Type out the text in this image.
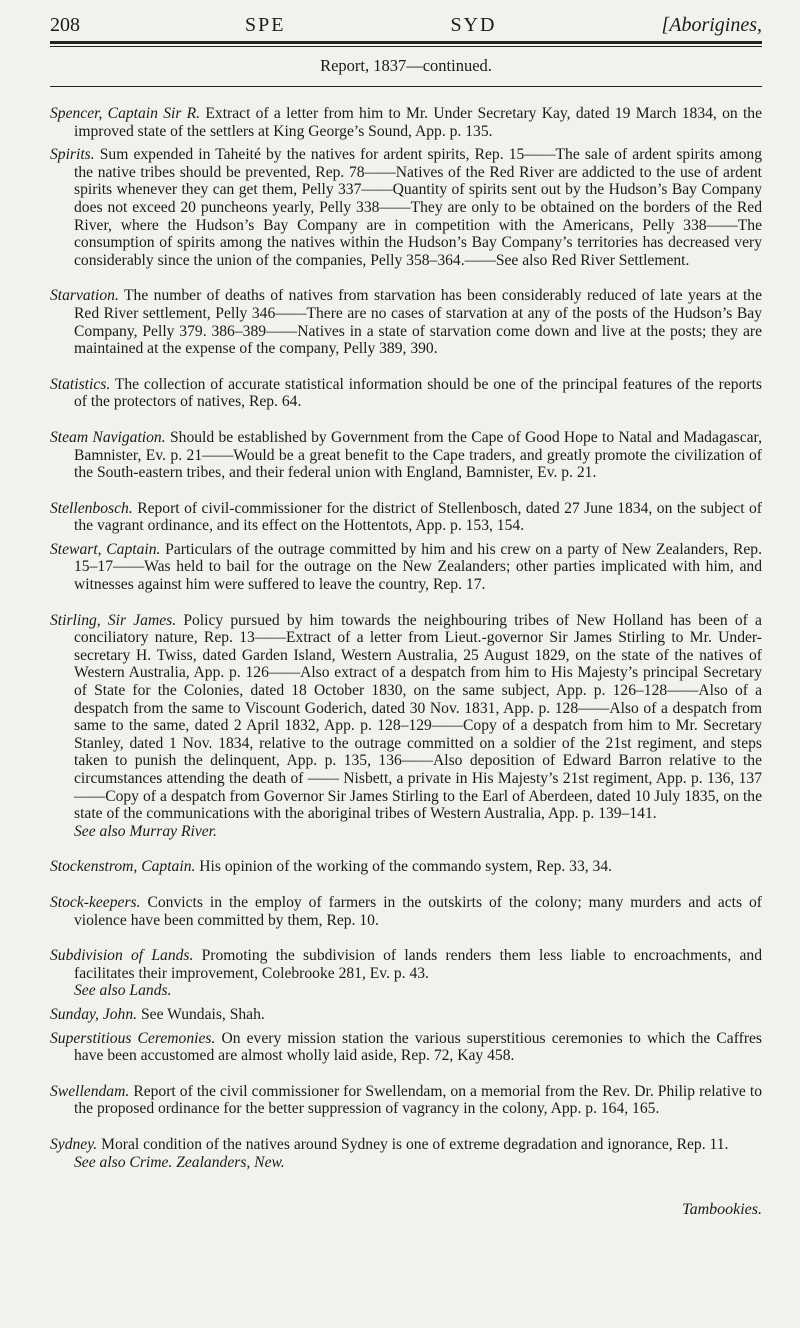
208	SPE	SYD	[Aborigines,
Report, 1837—continued.

Spencer, Captain Sir R. Extract of a letter from him to Mr. Under Secretary Kay, dated 19 March 1834, on the improved state of the settlers at King George’s Sound, App. p. 135.

Spirits. Sum expended in Taheité by the natives for ardent spirits, Rep. 15——The sale of ardent spirits among the native tribes should be prevented, Rep. 78——Natives of the Red River are addicted to the use of ardent spirits whenever they can get them, Pelly 337——Quantity of spirits sent out by the Hudson’s Bay Company does not exceed 20 puncheons yearly, Pelly 338——They are only to be obtained on the borders of the Red River, where the Hudson’s Bay Company are in competition with the Americans, Pelly 338——The consumption of spirits among the natives within the Hudson’s Bay Company’s territories has decreased very considerably since the union of the companies, Pelly 358–364.——See also Red River Settlement.

Starvation. The number of deaths of natives from starvation has been considerably reduced of late years at the Red River settlement, Pelly 346——There are no cases of starvation at any of the posts of the Hudson’s Bay Company, Pelly 379. 386–389——Natives in a state of starvation come down and live at the posts; they are maintained at the expense of the company, Pelly 389, 390.

Statistics. The collection of accurate statistical information should be one of the principal features of the reports of the protectors of natives, Rep. 64.

Steam Navigation. Should be established by Government from the Cape of Good Hope to Natal and Madagascar, Bamnister, Ev. p. 21——Would be a great benefit to the Cape traders, and greatly promote the civilization of the South-eastern tribes, and their federal union with England, Bamnister, Ev. p. 21.

Stellenbosch. Report of civil-commissioner for the district of Stellenbosch, dated 27 June 1834, on the subject of the vagrant ordinance, and its effect on the Hottentots, App. p. 153, 154.

Stewart, Captain. Particulars of the outrage committed by him and his crew on a party of New Zealanders, Rep. 15–17——Was held to bail for the outrage on the New Zealanders; other parties implicated with him, and witnesses against him were suffered to leave the country, Rep. 17.

Stirling, Sir James. Policy pursued by him towards the neighbouring tribes of New Holland has been of a conciliatory nature, Rep. 13——Extract of a letter from Lieut.-governor Sir James Stirling to Mr. Under-secretary H. Twiss, dated Garden Island, Western Australia, 25 August 1829, on the state of the natives of Western Australia, App. p. 126——Also extract of a despatch from him to His Majesty’s principal Secretary of State for the Colonies, dated 18 October 1830, on the same subject, App. p. 126–128——Also of a despatch from the same to Viscount Goderich, dated 30 Nov. 1831, App. p. 128——Also of a despatch from same to the same, dated 2 April 1832, App. p. 128–129——Copy of a despatch from him to Mr. Secretary Stanley, dated 1 Nov. 1834, relative to the outrage committed on a soldier of the 21st regiment, and steps taken to punish the delinquent, App. p. 135, 136——Also deposition of Edward Barron relative to the circumstances attending the death of —— Nisbett, a private in His Majesty’s 21st regiment, App. p. 136, 137——Copy of a despatch from Governor Sir James Stirling to the Earl of Aberdeen, dated 10 July 1835, on the state of the communications with the aboriginal tribes of Western Australia, App. p. 139–141.

See also Murray River.

Stockenstrom, Captain. His opinion of the working of the commando system, Rep. 33, 34.

Stock-keepers. Convicts in the employ of farmers in the outskirts of the colony; many murders and acts of violence have been committed by them, Rep. 10.

Subdivision of Lands. Promoting the subdivision of lands renders them less liable to encroachments, and facilitates their improvement, Colebrooke 281, Ev. p. 43.

See also Lands.

Sunday, John. See Wundais, Shah.

Superstitious Ceremonies. On every mission station the various superstitious ceremonies to which the Caffres have been accustomed are almost wholly laid aside, Rep. 72, Kay 458.

Swellendam. Report of the civil commissioner for Swellendam, on a memorial from the Rev. Dr. Philip relative to the proposed ordinance for the better suppression of vagrancy in the colony, App. p. 164, 165.

Sydney. Moral condition of the natives around Sydney is one of extreme degradation and ignorance, Rep. 11.

See also Crime. Zealanders, New.

Tambookies.
